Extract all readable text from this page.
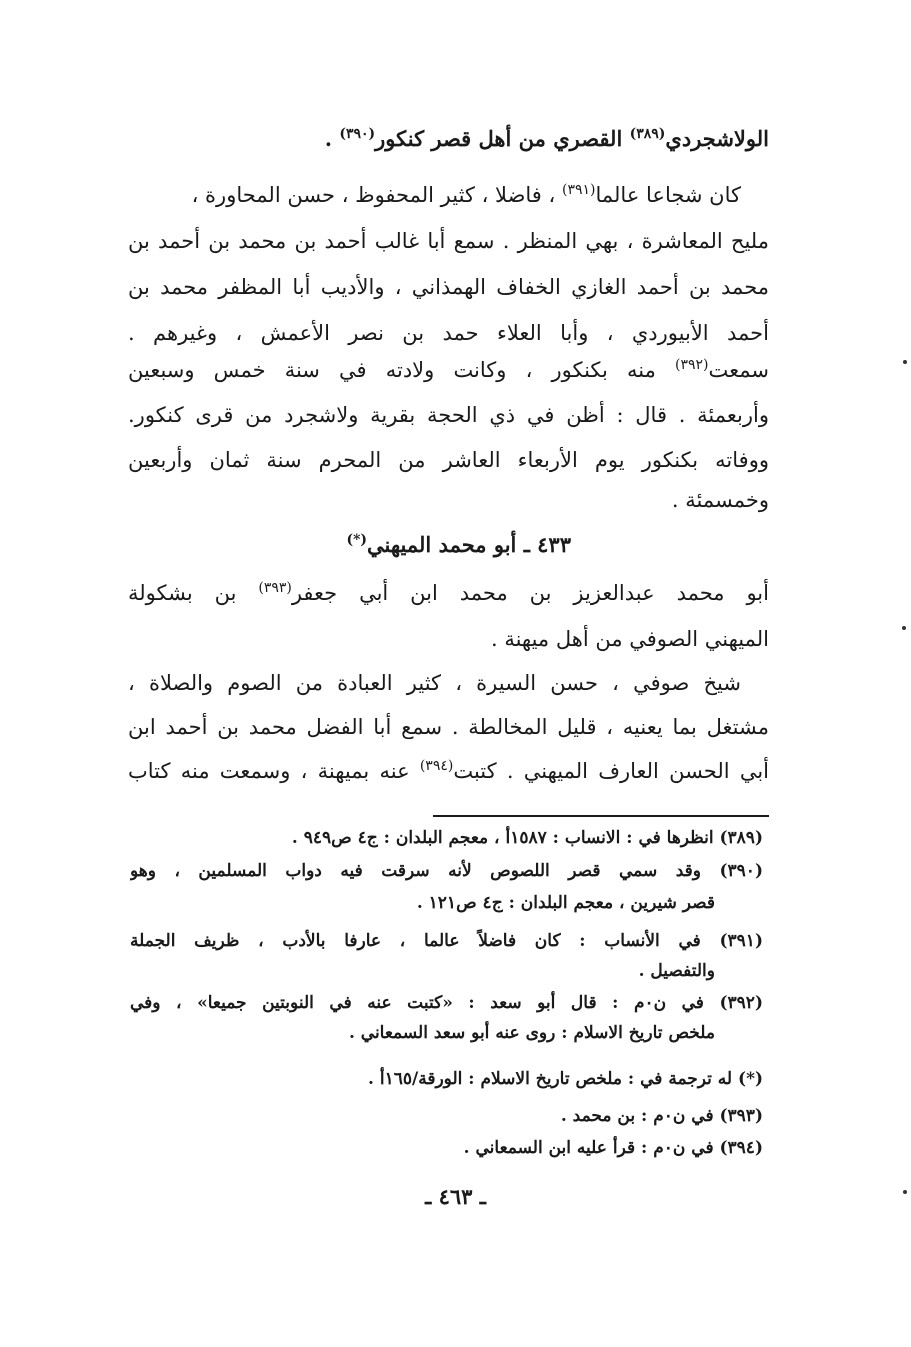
الولاشجردي$^{(٣٨٩)}$ القصري من أهل قصر كنكور$^{(٣٩٠)}$ .
كان شجاعا عالما$^{(٣٩١)}$ ، فاضلا ، كثير المحفوظ ، حسن المحاورة ،
مليح المعاشرة ، بهي المنظر . سمع أبا غالب أحمد بن محمد بن أحمد بن
محمد بن أحمد الغازي الخفاف الهمذاني ، والأديب أبا المظفر محمد بن
أحمد الأبيوردي ، وأبا العلاء حمد بن نصر الأعمش ، وغيرهم .
سمعت$^{(٣٩٢)}$ منه بكنكور ، وكانت ولادته في سنة خمس وسبعين
وأربعمئة . قال : أظن في ذي الحجة بقرية ولاشجرد من قرى كنكور.
ووفاته بكنكور يوم الأربعاء العاشر من المحرم سنة ثمان وأربعين
وخمسمئة .
٤٣٣ ـ أبو محمد الميهني(*)
أبو محمد عبدالعزيز بن محمد ابن أبي جعفر$^{(٣٩٣)}$ بن بشكولة
الميهني الصوفي من أهل ميهنة .
شيخ صوفي ، حسن السيرة ، كثير العبادة من الصوم والصلاة ،
مشتغل بما يعنيه ، قليل المخالطة . سمع أبا الفضل محمد بن أحمد ابن
أبي الحسن العارف الميهني . كتبت$^{(٣٩٤)}$ عنه بميهنة ، وسمعت منه كتاب
(٣٨٩) انظرها في : الانساب : ١٥٨٧أ ، معجم البلدان : ج٤ ص٩٤٩ .
(٣٩٠) وقد سمي قصر اللصوص لأنه سرقت فيه دواب المسلمين ، وهو
قصر شيرين ، معجم البلدان : ج٤ ص١٢١ .
(٣٩١) في الأنساب : كان فاضلاً عالما ، عارفا بالأدب ، ظريف الجملة
والتفصيل .
(٣٩٢) في ن٠م : قال أبو سعد : «كتبت عنه في النوبتين جميعا» ، وفي
ملخص تاريخ الاسلام : روى عنه أبو سعد السمعاني .
(*) له ترجمة في : ملخص تاريخ الاسلام : الورقة/١٦٥أ .
(٣٩٣) في ن٠م : بن محمد .
(٣٩٤) في ن٠م : قرأ عليه ابن السمعاني .
ـ ٤٦٣ ـ
